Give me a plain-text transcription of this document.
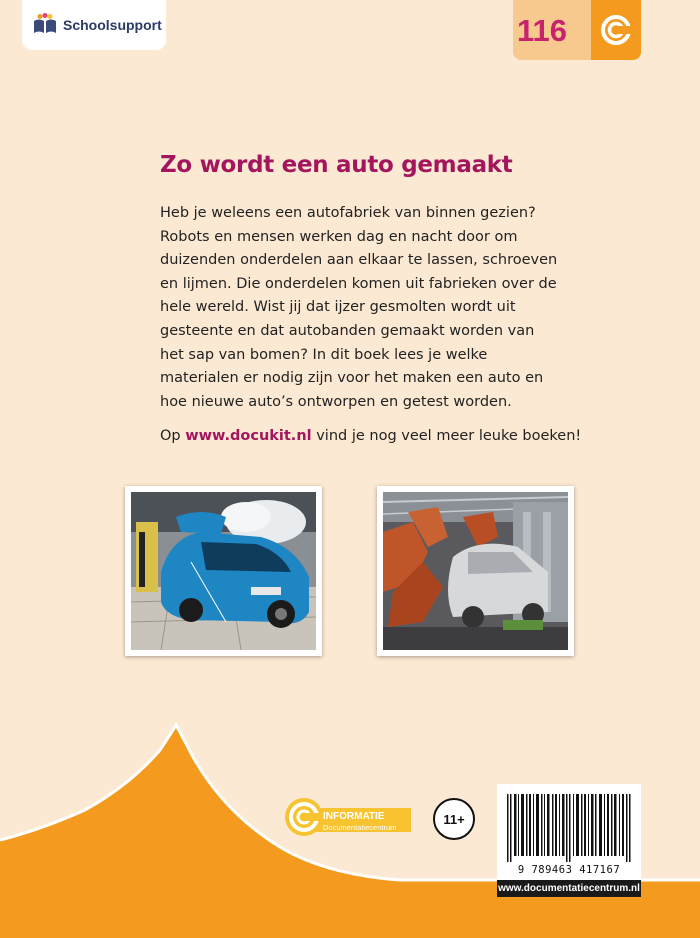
Schoolsupport	116
Zo wordt een auto gemaakt

Heb je weleens een autofabriek van binnen gezien? Robots en mensen werken dag en nacht door om duizenden onderdelen aan elkaar te lassen, schroeven en lijmen. Die onderdelen komen uit fabrieken over de hele wereld. Wist jij dat ijzer gesmolten wordt uit gesteente en dat autobanden gemaakt worden van het sap van bomen? In dit boek lees je welke materialen er nodig zijn voor het maken een auto en hoe nieuwe auto’s ontworpen en getest worden.

Op www.docukit.nl vind je nog veel meer leuke boeken!

INFORMATIE
Documentatiecentrum
11+
9 789463 417167
www.documentatiecentrum.nl
